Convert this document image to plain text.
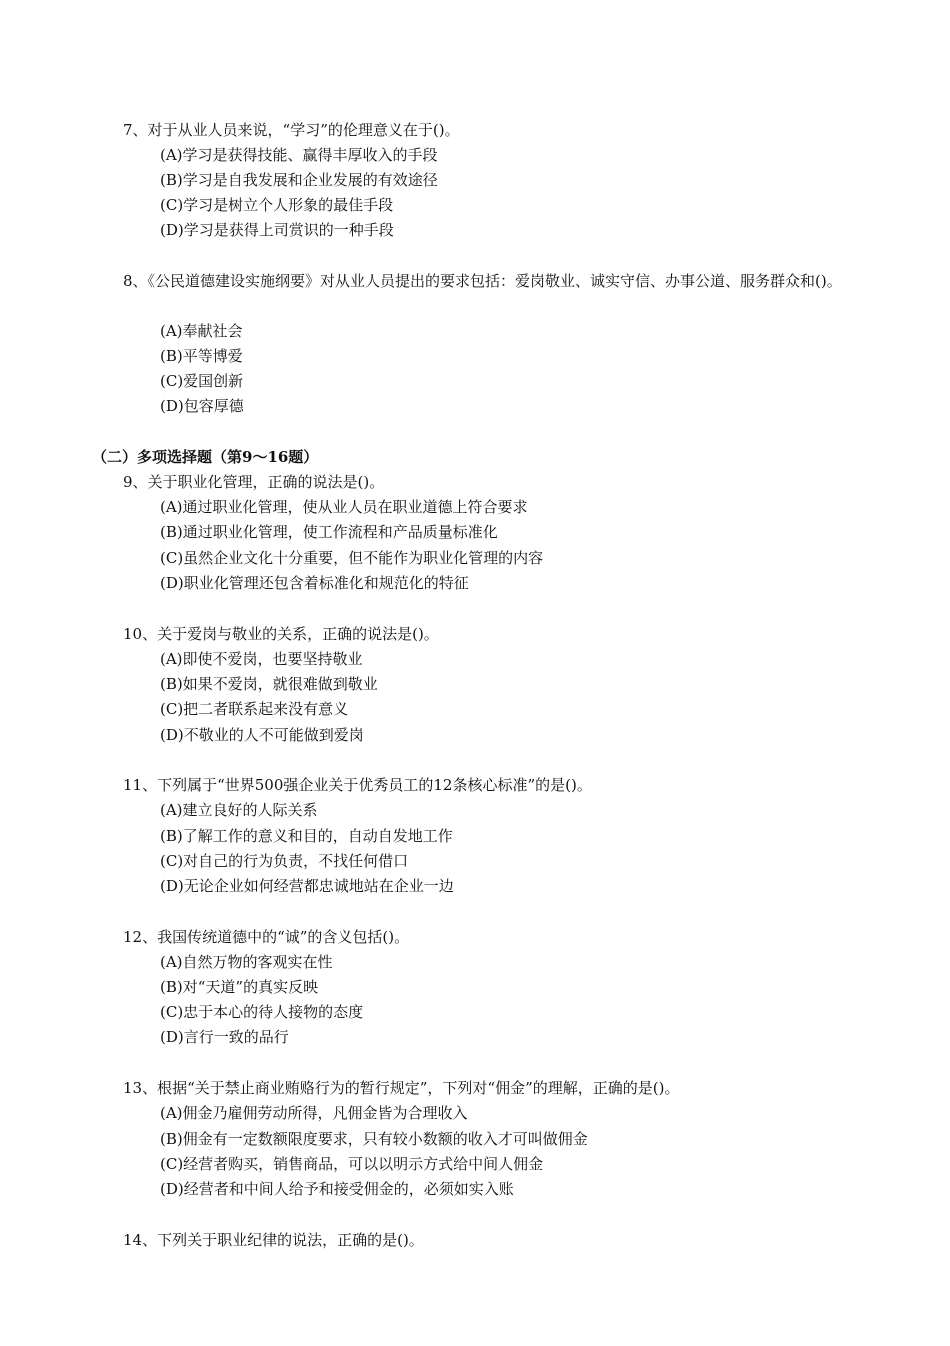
7、对于从业人员来说，“学习”的伦理意义在于()。
(A)学习是获得技能、赢得丰厚收入的手段
(B)学习是自我发展和企业发展的有效途径
(C)学习是树立个人形象的最佳手段
(D)学习是获得上司赏识的一种手段
8、《公民道德建设实施纲要》对从业人员提出的要求包括：爱岗敬业、诚实守信、办事公道、服务群众和()。
(A)奉献社会
(B)平等博爱
(C)爱国创新
(D)包容厚德
（二）多项选择题（第9～16题）
9、关于职业化管理，正确的说法是()。
(A)通过职业化管理，使从业人员在职业道德上符合要求
(B)通过职业化管理，使工作流程和产品质量标准化
(C)虽然企业文化十分重要，但不能作为职业化管理的内容
(D)职业化管理还包含着标准化和规范化的特征
10、关于爱岗与敬业的关系，正确的说法是()。
(A)即使不爱岗，也要坚持敬业
(B)如果不爱岗，就很难做到敬业
(C)把二者联系起来没有意义
(D)不敬业的人不可能做到爱岗
11、下列属于“世界500强企业关于优秀员工的12条核心标准”的是()。
(A)建立良好的人际关系
(B)了解工作的意义和目的，自动自发地工作
(C)对自己的行为负责，不找任何借口
(D)无论企业如何经营都忠诚地站在企业一边
12、我国传统道德中的“诚”的含义包括()。
(A)自然万物的客观实在性
(B)对“天道”的真实反映
(C)忠于本心的待人接物的态度
(D)言行一致的品行
13、根据“关于禁止商业贿赂行为的暂行规定”，下列对“佣金”的理解，正确的是()。
(A)佣金乃雇佣劳动所得，凡佣金皆为合理收入
(B)佣金有一定数额限度要求，只有较小数额的收入才可叫做佣金
(C)经营者购买，销售商品，可以以明示方式给中间人佣金
(D)经营者和中间人给予和接受佣金的，必须如实入账
14、下列关于职业纪律的说法，正确的是()。
